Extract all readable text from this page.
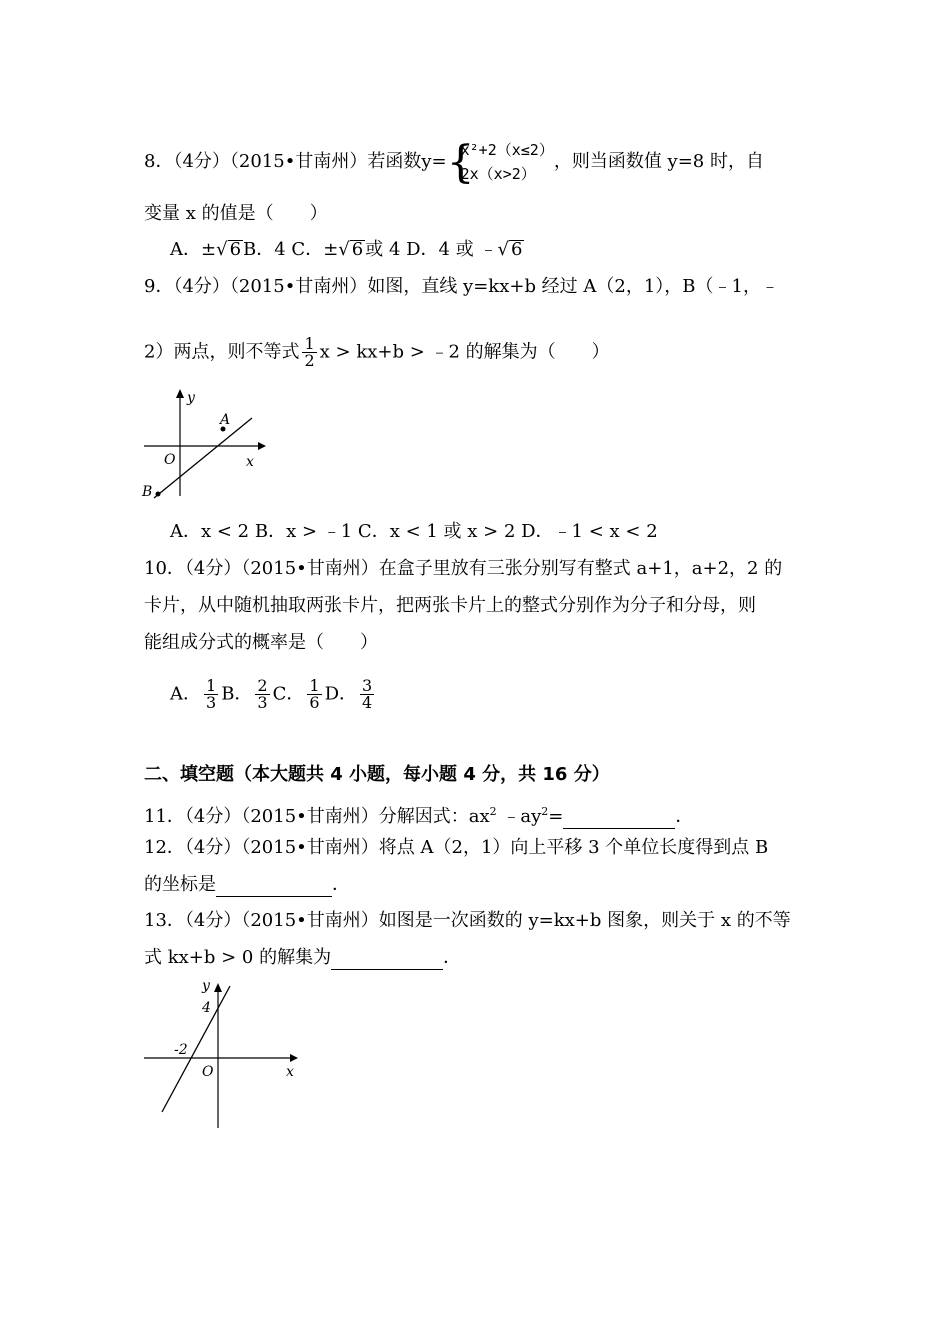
8．（4分）（2015•甘南州）若函数y= {
x²+2（x≤2）
2x（x>2）
，则当函数值 y=8 时，自
变量 x 的值是（　　）
A．±√ 6 B．4 C．±√ 6 或 4 D．4 或 ﹣√ 6
9．（4分）（2015•甘南州）如图，直线 y=kx+b 经过 A（2，1），B（﹣1，﹣
2）两点，则不等式 $\frac{1}{2}$ x > kx+b > ﹣2 的解集为（　　）
y
x
O
A
B
A．x < 2 B．x > ﹣1 C．x < 1 或 x > 2 D．﹣1 < x < 2
10．（4分）（2015•甘南州）在盒子里放有三张分别写有整式 a+1，a+2，2 的
卡片，从中随机抽取两张卡片，把两张卡片上的整式分别作为分子和分母，则
能组成分式的概率是（　　）
A． $\frac{1}{3}$ B． $\frac{2}{3}$ C． $\frac{1}{6}$ D． $\frac{3}{4}$
二、填空题（本大题共 4 小题，每小题 4 分，共 16 分）
11．（4分）（2015•甘南州）分解因式：$ax^2$ $﹣ay^2=$	．
12．（4分）（2015•甘南州）将点 A（2，1）向上平移 3 个单位长度得到点 B
的坐标是	．
13．（4分）（2015•甘南州）如图是一次函数的 y=kx+b 图象，则关于 x 的不等
式 kx+b > 0 的解集为	．
y
4
-2
O	x
